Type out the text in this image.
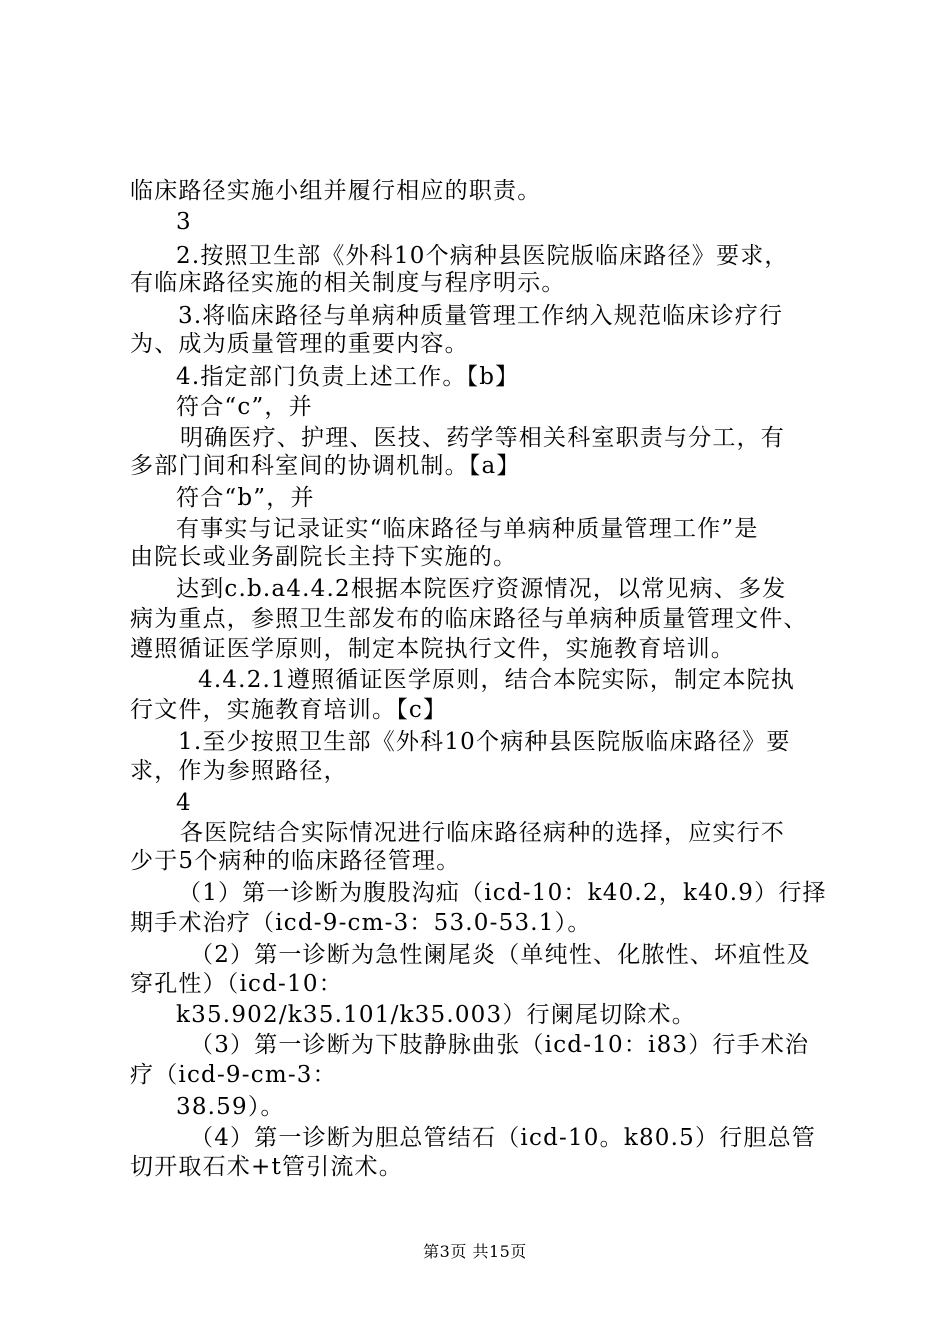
临床路径实施小组并履行相应的职责。
3
2.按照卫生部《外科10个病种县医院版临床路径》要求，
有临床路径实施的相关制度与程序明示。
3.将临床路径与单病种质量管理工作纳入规范临床诊疗行
为、成为质量管理的重要内容。
4.指定部门负责上述工作。【b】
符合“c”，并
明确医疗、护理、医技、药学等相关科室职责与分工，有
多部门间和科室间的协调机制。【a】
符合“b”，并
有事实与记录证实“临床路径与单病种质量管理工作”是
由院长或业务副院长主持下实施的。
达到c.b.a4.4.2根据本院医疗资源情况，以常见病、多发
病为重点，参照卫生部发布的临床路径与单病种质量管理文件、
遵照循证医学原则，制定本院执行文件，实施教育培训。
4.4.2.1遵照循证医学原则，结合本院实际，制定本院执
行文件，实施教育培训。【c】
1.至少按照卫生部《外科10个病种县医院版临床路径》要
求，作为参照路径，
4
各医院结合实际情况进行临床路径病种的选择，应实行不
少于5个病种的临床路径管理。
（1）第一诊断为腹股沟疝（icd-10：k40.2，k40.9）行择
期手术治疗（icd-9-cm-3：53.0-53.1）。
（2）第一诊断为急性阑尾炎（单纯性、化脓性、坏疽性及
穿孔性）（icd-10：
k35.902/k35.101/k35.003）行阑尾切除术。
（3）第一诊断为下肢静脉曲张（icd-10：i83）行手术治
疗（icd-9-cm-3：
38.59）。
（4）第一诊断为胆总管结石（icd-10。k80.5）行胆总管
切开取石术+t管引流术。
第3页 共15页
